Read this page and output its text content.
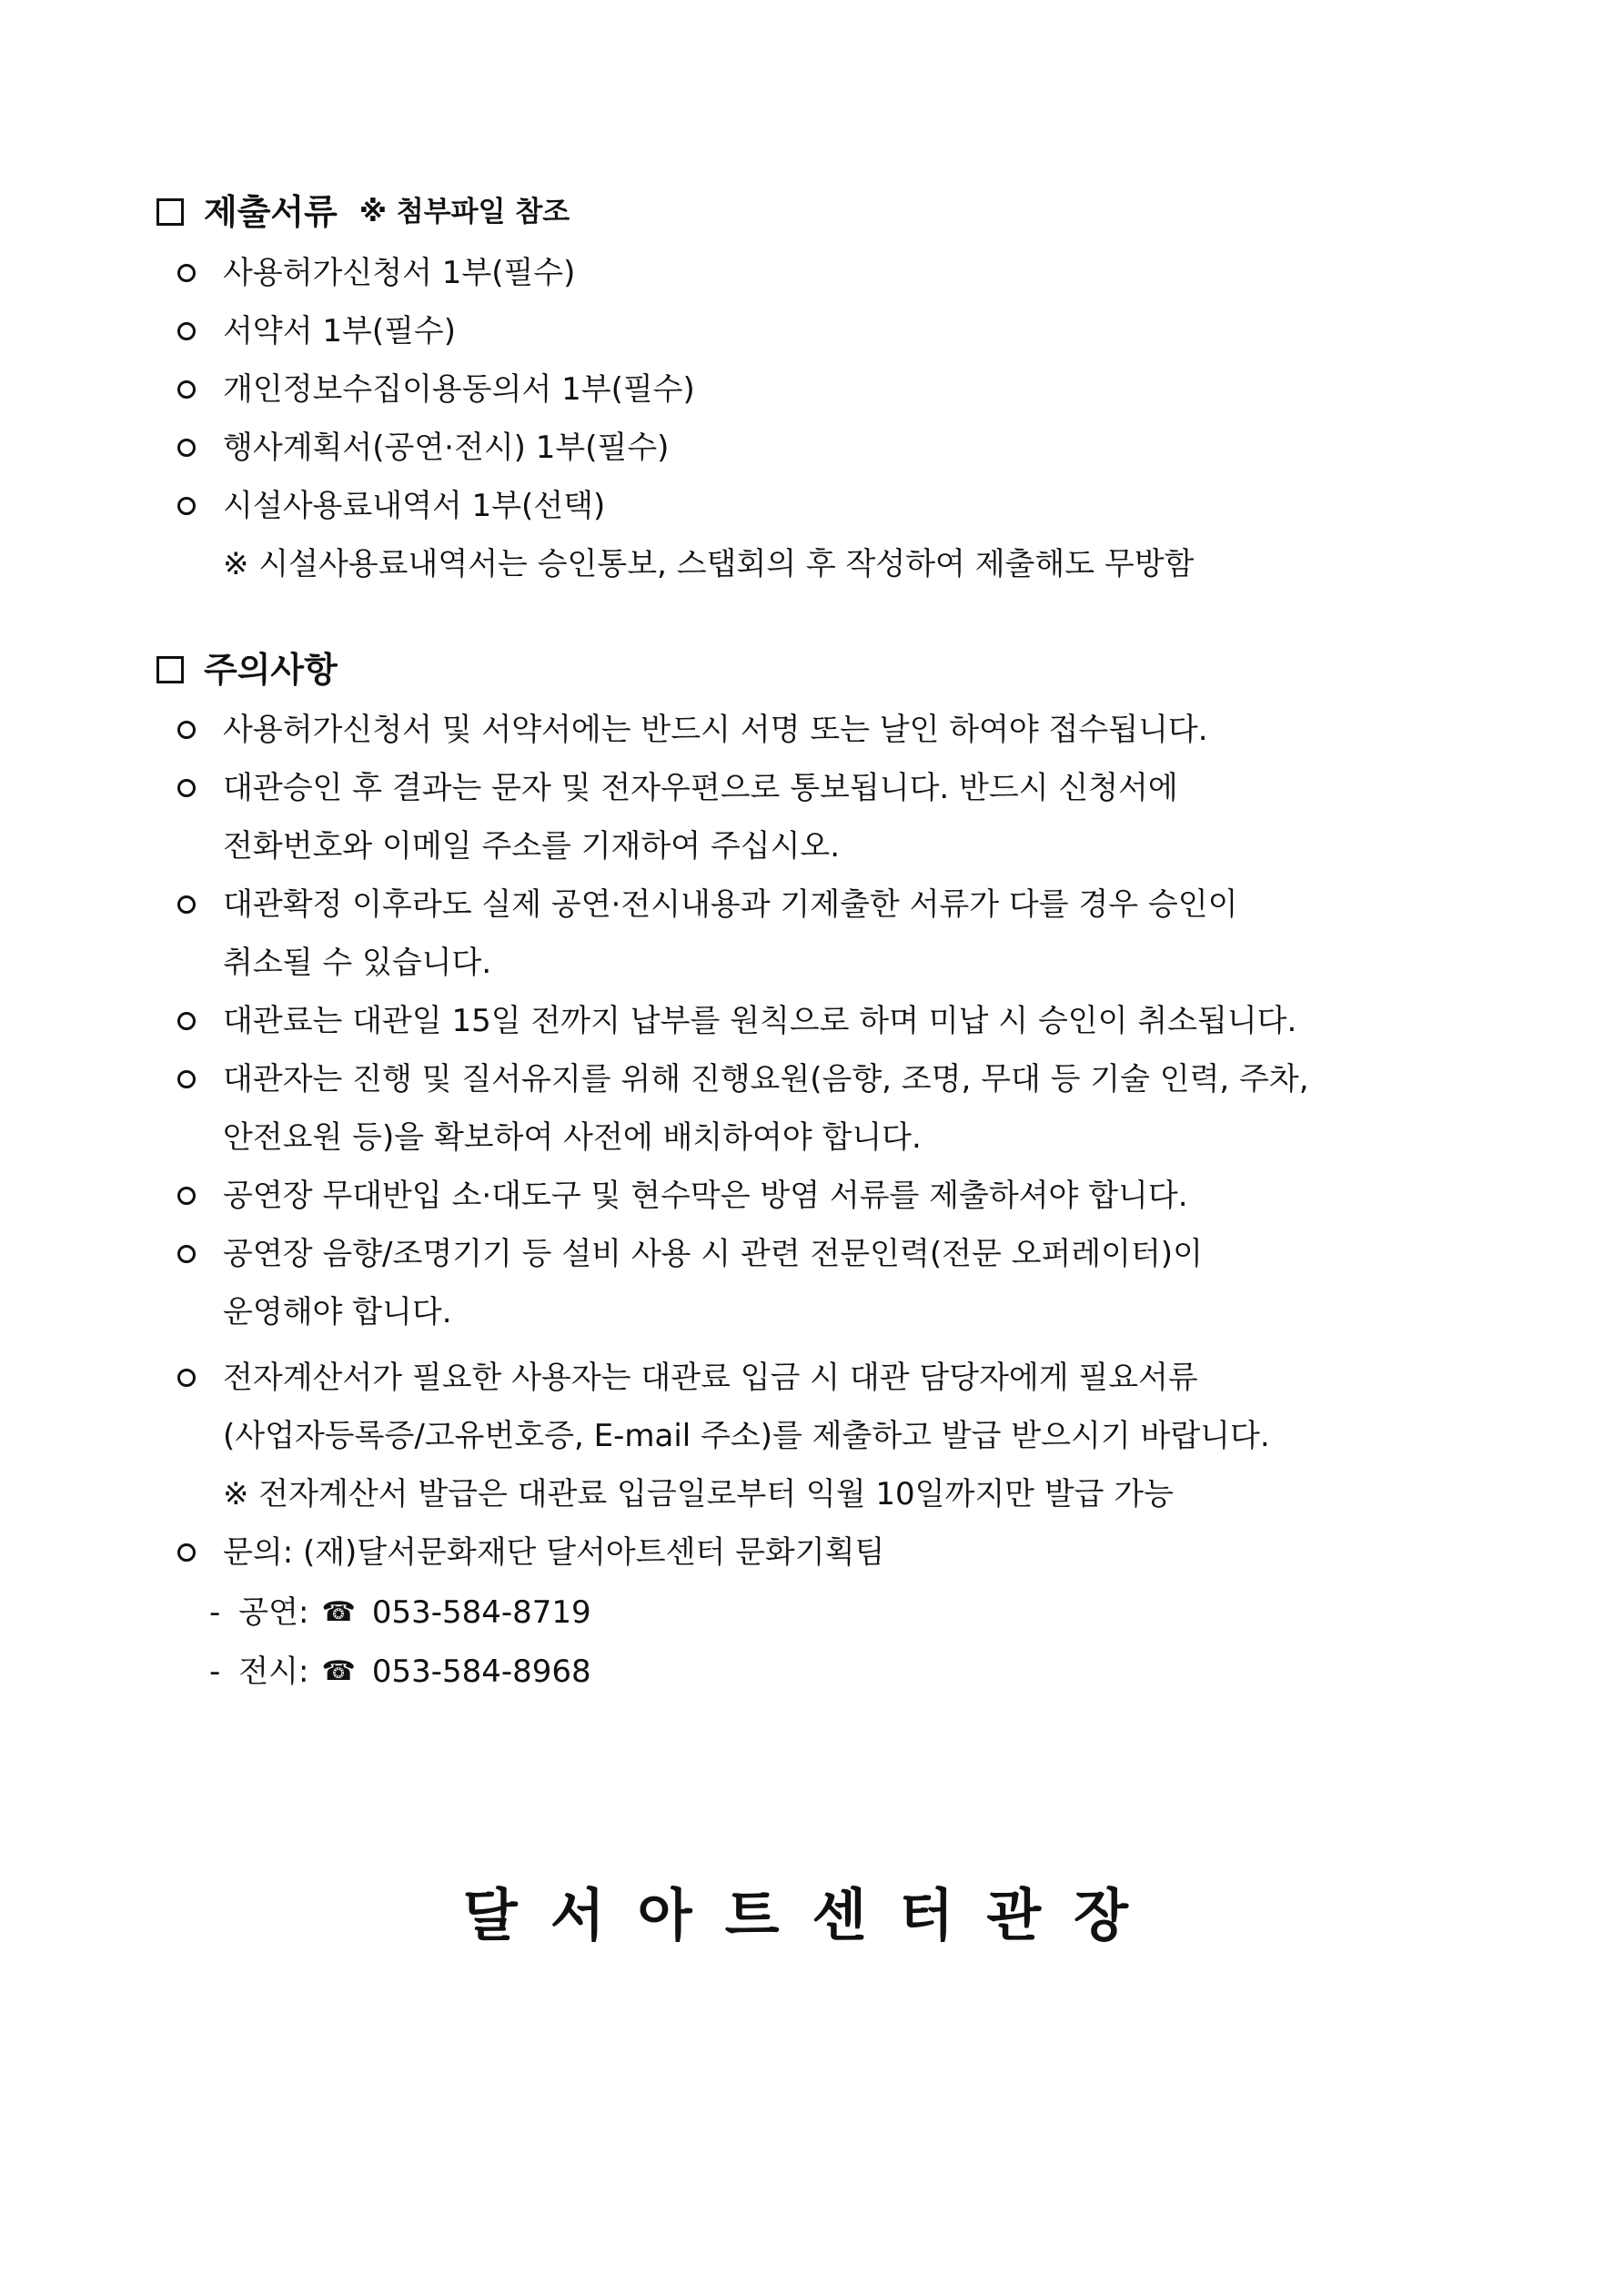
제출서류 ※ 첨부파일 참조
사용허가신청서 1부(필수)
서약서 1부(필수)
개인정보수집이용동의서 1부(필수)
행사계획서(공연·전시) 1부(필수)
시설사용료내역서 1부(선택)
※ 시설사용료내역서는 승인통보, 스탭회의 후 작성하여 제출해도 무방함
주의사항
사용허가신청서 및 서약서에는 반드시 서명 또는 날인 하여야 접수됩니다.
대관승인 후 결과는 문자 및 전자우편으로 통보됩니다. 반드시 신청서에
전화번호와 이메일 주소를 기재하여 주십시오.
대관확정 이후라도 실제 공연·전시내용과 기제출한 서류가 다를 경우 승인이
취소될 수 있습니다.
대관료는 대관일 15일 전까지 납부를 원칙으로 하며 미납 시 승인이 취소됩니다.
대관자는 진행 및 질서유지를 위해 진행요원(음향, 조명, 무대 등 기술 인력, 주차,
안전요원 등)을 확보하여 사전에 배치하여야 합니다.
공연장 무대반입 소·대도구 및 현수막은 방염 서류를 제출하셔야 합니다.
공연장 음향/조명기기 등 설비 사용 시 관련 전문인력(전문 오퍼레이터)이
운영해야 합니다.
전자계산서가 필요한 사용자는 대관료 입금 시 대관 담당자에게 필요서류
(사업자등록증/고유번호증, E-mail 주소)를 제출하고 발급 받으시기 바랍니다.
※ 전자계산서 발급은 대관료 입금일로부터 익월 10일까지만 발급 가능
문의: (재)달서문화재단 달서아트센터 문화기획팀
- 공연: ☎ 053-584-8719
- 전시: ☎ 053-584-8968
달서아트센터관장
